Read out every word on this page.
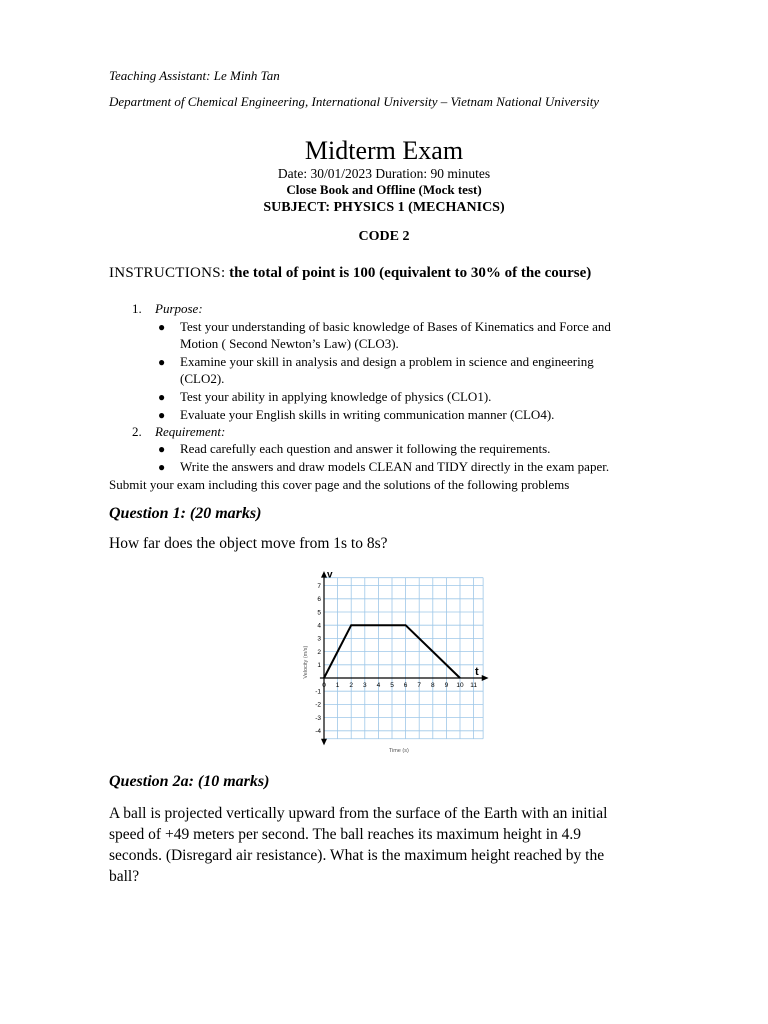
Teaching Assistant: Le Minh Tan
Department of Chemical Engineering, International University – Vietnam National University
Midterm Exam
Date: 30/01/2023 Duration: 90 minutes
Close Book and Offline (Mock test)
SUBJECT: PHYSICS 1 (MECHANICS)
CODE 2
INSTRUCTIONS: the total of point is 100 (equivalent to 30% of the course)
1. Purpose:
● Test your understanding of basic knowledge of Bases of Kinematics and Force and
Motion ( Second Newton’s Law) (CLO3).
● Examine your skill in analysis and design a problem in science and engineering
(CLO2).
● Test your ability in applying knowledge of physics (CLO1).
● Evaluate your English skills in writing communication manner (CLO4).
2. Requirement:
● Read carefully each question and answer it following the requirements.
● Write the answers and draw models CLEAN and TIDY directly in the exam paper.
Submit your exam including this cover page and the solutions of the following problems
Question 1: (20 marks)
How far does the object move from 1s to 8s?
0 1 2 3 4 5 6 7 8 9 10 11
7
6
5
4
3
2
1
-1
-2
-3
-4
v
t
Velocity (m/s)
Time (s)
Question 2a: (10 marks)
A ball is projected vertically upward from the surface of the Earth with an initial
speed of +49 meters per second. The ball reaches its maximum height in 4.9
seconds. (Disregard air resistance). What is the maximum height reached by the
ball?
